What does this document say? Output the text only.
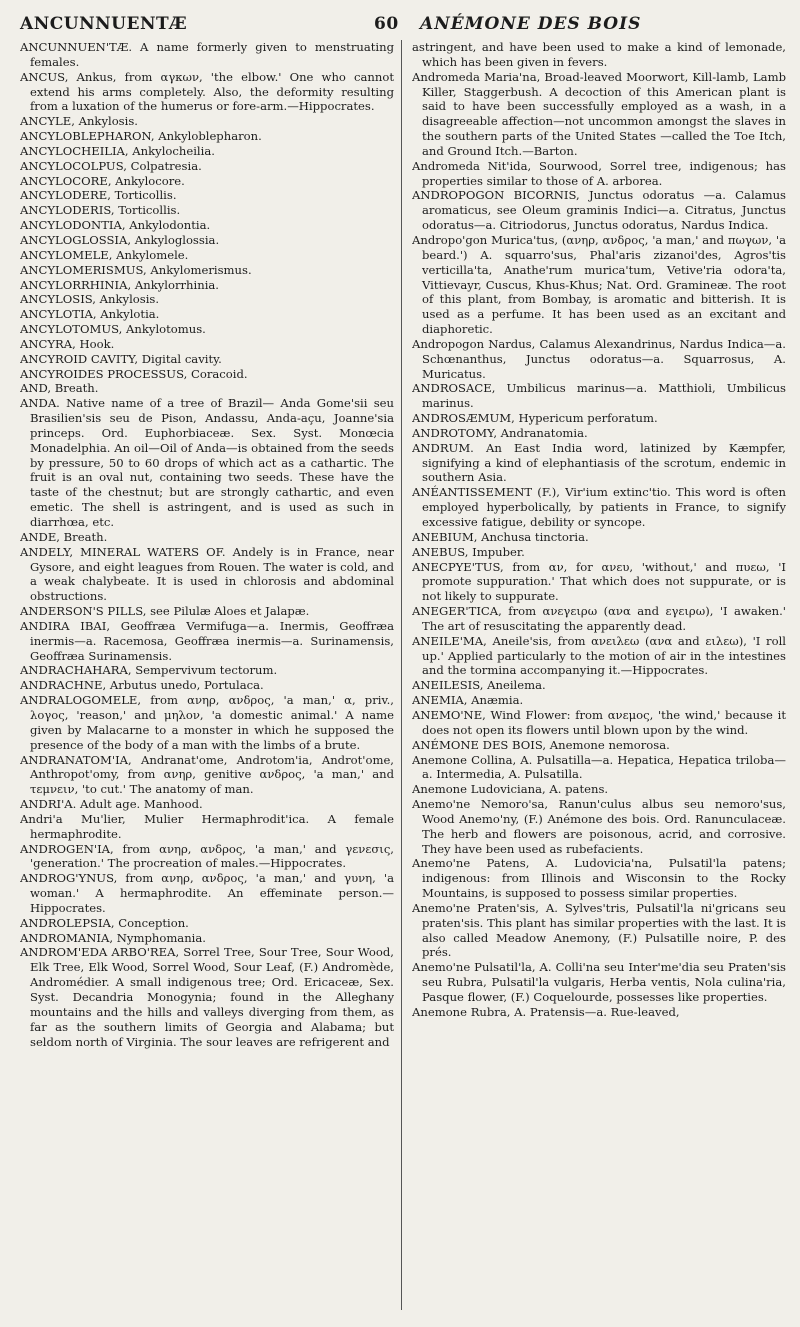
ANCUNNUENTÆ	60 ANÉMONE DES BOIS

ANCUNNUEN'TÆ. A name formerly given to menstruating females.

ANCUS, Ankus, from αγκων, 'the elbow.' One who cannot extend his arms completely. Also, the deformity resulting from a luxation of the humerus or fore-arm.—Hippocrates.

ANCYLE, Ankylosis.

ANCYLOBLEPHARON, Ankyloblepharon.

ANCYLOCHEILIA, Ankylocheilia.

ANCYLOCOLPUS, Colpatresia.

ANCYLOCORE, Ankylocore.

ANCYLODERE, Torticollis.

ANCYLODERIS, Torticollis.

ANCYLODONTIA, Ankylodontia.

ANCYLOGLOSSIA, Ankyloglossia.

ANCYLOMELE, Ankylomele.

ANCYLOMERISMUS, Ankylomerismus.

ANCYLORRHINIA, Ankylorrhinia.

ANCYLOSIS, Ankylosis.

ANCYLOTIA, Ankylotia.

ANCYLOTOMUS, Ankylotomus.

ANCYRA, Hook.

ANCYROID CAVITY, Digital cavity.

ANCYROIDES PROCESSUS, Coracoid.

AND, Breath.

ANDA. Native name of a tree of Brazil— Anda Gome'sii seu Brasilien'sis seu de Pison, Andassu, Anda-açu, Joanne'sia princeps. Ord. Euphorbiaceæ. Sex. Syst. Monœcia Monadelphia. An oil—Oil of Anda—is obtained from the seeds by pressure, 50 to 60 drops of which act as a cathartic. The fruit is an oval nut, containing two seeds. These have the taste of the chestnut; but are strongly cathartic, and even emetic. The shell is astringent, and is used as such in diarrhœa, etc.

ANDE, Breath.

ANDELY, MINERAL WATERS OF. Andely is in France, near Gysore, and eight leagues from Rouen. The water is cold, and a weak chalybeate. It is used in chlorosis and abdominal obstructions.

ANDERSON'S PILLS, see Pilulæ Aloes et Jalapæ.

ANDIRA IBAI, Geoffræa Vermifuga—a. Inermis, Geoffræa inermis—a. Racemosa, Geoffræa inermis—a. Surinamensis, Geoffræa Surinamensis.

ANDRACHAHARA, Sempervivum tectorum.

ANDRACHNE, Arbutus unedo, Portulaca.

ANDRALOGOMELE, from ανηρ, ανδρος, 'a man,' α, priv., λογος, 'reason,' and μηλον, 'a domestic animal.' A name given by Malacarne to a monster in which he supposed the presence of the body of a man with the limbs of a brute.

ANDRANATOM'IA, Andranat'ome, Androtom'ia, Androt'ome, Anthropot'omy, from ανηρ, genitive ανδρος, 'a man,' and τεμνειν, 'to cut.' The anatomy of man.

ANDRI'A. Adult age. Manhood.

Andri'a Mu'lier, Mulier Hermaphrodit'ica. A female hermaphrodite.

ANDROGEN'IA, from ανηρ, ανδρος, 'a man,' and γενεσις, 'generation.' The procreation of males.—Hippocrates.

ANDROG'YNUS, from ανηρ, ανδρος, 'a man,' and γυνη, 'a woman.' A hermaphrodite. An effeminate person.—Hippocrates.

ANDROLEPSIA, Conception.

ANDROMANIA, Nymphomania.

ANDROM'EDA ARBO'REA, Sorrel Tree, Sour Tree, Sour Wood, Elk Tree, Elk Wood, Sorrel Wood, Sour Leaf, (F.) Andromède, Andromédier. A small indigenous tree; Ord. Ericaceæ, Sex. Syst. Decandria Monogynia; found in the Alleghany mountains and the hills and valleys diverging from them, as far as the southern limits of Georgia and Alabama; but seldom north of Virginia. The sour leaves are refrigerent and

astringent, and have been used to make a kind of lemonade, which has been given in fevers.

Andromeda Maria'na, Broad-leaved Moorwort, Kill-lamb, Lamb Killer, Staggerbush. A decoction of this American plant is said to have been successfully employed as a wash, in a disagreeable affection—not uncommon amongst the slaves in the southern parts of the United States —called the Toe Itch, and Ground Itch.—Barton.

Andromeda Nit'ida, Sourwood, Sorrel tree, indigenous; has properties similar to those of A. arborea.

ANDROPOGON BICORNIS, Junctus odoratus —a. Calamus aromaticus, see Oleum graminis Indici—a. Citratus, Junctus odoratus—a. Citriodorus, Junctus odoratus, Nardus Indica.

Andropo'gon Murica'tus, (ανηρ, ανδρος, 'a man,' and πωγων, 'a beard.') A. squarro'sus, Phal'aris zizanoi'des, Agros'tis verticilla'ta, Anathe'rum murica'tum, Vetive'ria odora'ta, Vittievayr, Cuscus, Khus-Khus; Nat. Ord. Gramineæ. The root of this plant, from Bombay, is aromatic and bitterish. It is used as a perfume. It has been used as an excitant and diaphoretic.

Andropogon Nardus, Calamus Alexandrinus, Nardus Indica—a. Schœnanthus, Junctus odoratus—a. Squarrosus, A. Muricatus.

ANDROSACE, Umbilicus marinus—a. Matthioli, Umbilicus marinus.

ANDROSÆMUM, Hypericum perforatum.

ANDROTOMY, Andranatomia.

ANDRUM. An East India word, latinized by Kæmpfer, signifying a kind of elephantiasis of the scrotum, endemic in southern Asia.

ANÉANTISSEMENT (F.), Vir'ium extinc'tio. This word is often employed hyperbolically, by patients in France, to signify excessive fatigue, debility or syncope.

ANEBIUM, Anchusa tinctoria.

ANEBUS, Impuber.

ANECPYE'TUS, from αν, for ανευ, 'without,' and πυεω, 'I promote suppuration.' That which does not suppurate, or is not likely to suppurate.

ANEGER'TICA, from ανεγειρω (ανα and εγειρω), 'I awaken.' The art of resuscitating the apparently dead.

ANEILE'MA, Aneile'sis, from ανειλεω (ανα and ειλεω), 'I roll up.' Applied particularly to the motion of air in the intestines and the tormina accompanying it.—Hippocrates.

ANEILESIS, Aneilema.

ANEMIA, Anæmia.

ANEMO'NE, Wind Flower: from ανεμος, 'the wind,' because it does not open its flowers until blown upon by the wind.

ANÉMONE DES BOIS, Anemone nemorosa.

Anemone Collina, A. Pulsatilla—a. Hepatica, Hepatica triloba—a. Intermedia, A. Pulsatilla.

Anemone Ludoviciana, A. patens.

Anemo'ne Nemoro'sa, Ranun'culus albus seu nemoro'sus, Wood Anemo'ny, (F.) Anémone des bois. Ord. Ranunculaceæ. The herb and flowers are poisonous, acrid, and corrosive. They have been used as rubefacients.

Anemo'ne Patens, A. Ludovicia'na, Pulsatil'la patens; indigenous: from Illinois and Wisconsin to the Rocky Mountains, is supposed to possess similar properties.

Anemo'ne Praten'sis, A. Sylves'tris, Pulsatil'la ni'gricans seu praten'sis. This plant has similar properties with the last. It is also called Meadow Anemony, (F.) Pulsatille noire, P. des prés.

Anemo'ne Pulsatil'la, A. Colli'na seu Inter'me'dia seu Praten'sis seu Rubra, Pulsatil'la vulgaris, Herba ventis, Nola culina'ria, Pasque flower, (F.) Coquelourde, possesses like properties.

Anemone Rubra, A. Pratensis—a. Rue-leaved,
